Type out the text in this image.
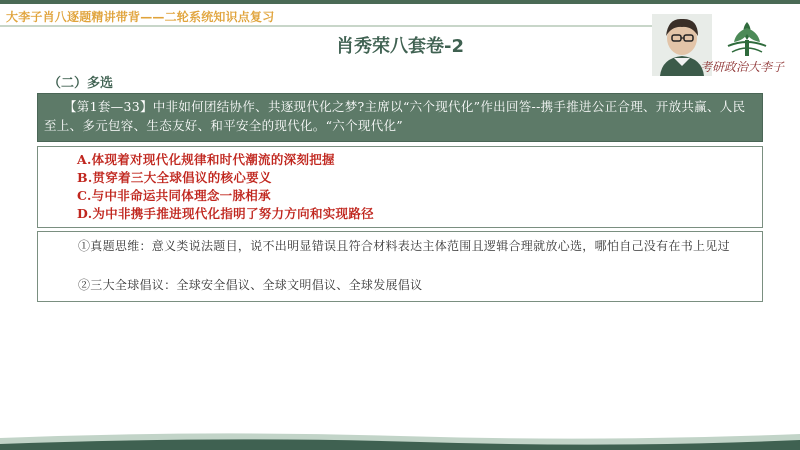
大李子肖八逐题精讲带背——二轮系统知识点复习
肖秀荣八套卷-2
考研政治大李子
（二）多选
【第1套—33】中非如何团结协作、共逐现代化之梦?主席以“六个现代化”作出回答--携手推进公正合理、开放共赢、人民至上、多元包容、生态友好、和平安全的现代化。“六个现代化”
A.体现着对现代化规律和时代潮流的深刻把握
B.贯穿着三大全球倡议的核心要义
C.与中非命运共同体理念一脉相承
D.为中非携手推进现代化指明了努力方向和实现路径
①真题思维：意义类说法题目，说不出明显错误且符合材料表达主体范围且逻辑合理就放心选，哪怕自己没有在书上见过
②三大全球倡议：全球安全倡议、全球文明倡议、全球发展倡议
